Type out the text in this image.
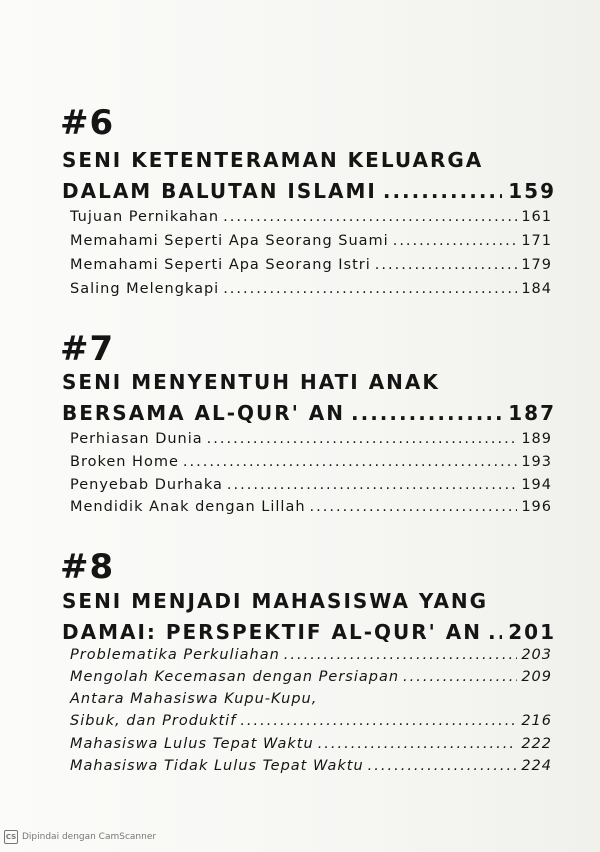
#6
SENI KETENTERAMAN KELUARGA
DALAM BALUTAN ISLAMI .....	159
Tujuan Pernikahan .....	161
Memahami Seperti Apa Seorang Suami .....	171
Memahami Seperti Apa Seorang Istri .....	179
Saling Melengkapi .....	184
#7
SENI MENYENTUH HATI ANAK
BERSAMA AL-QUR' AN .....	187
Perhiasan Dunia .....	189
Broken Home .....	193
Penyebab Durhaka .....	194
Mendidik Anak dengan Lillah .....	196
#8
SENI MENJADI MAHASISWA YANG
DAMAI: PERSPEKTIF AL-QUR' AN ..... 201
Problematika Perkuliahan .....	203
Mengolah Kecemasan dengan Persiapan .....	209
Antara Mahasiswa Kupu-Kupu,
Sibuk, dan Produktif .....	216
Mahasiswa Lulus Tepat Waktu .....	222
Mahasiswa Tidak Lulus Tepat Waktu .....	224
CS Dipindai dengan CamScanner
